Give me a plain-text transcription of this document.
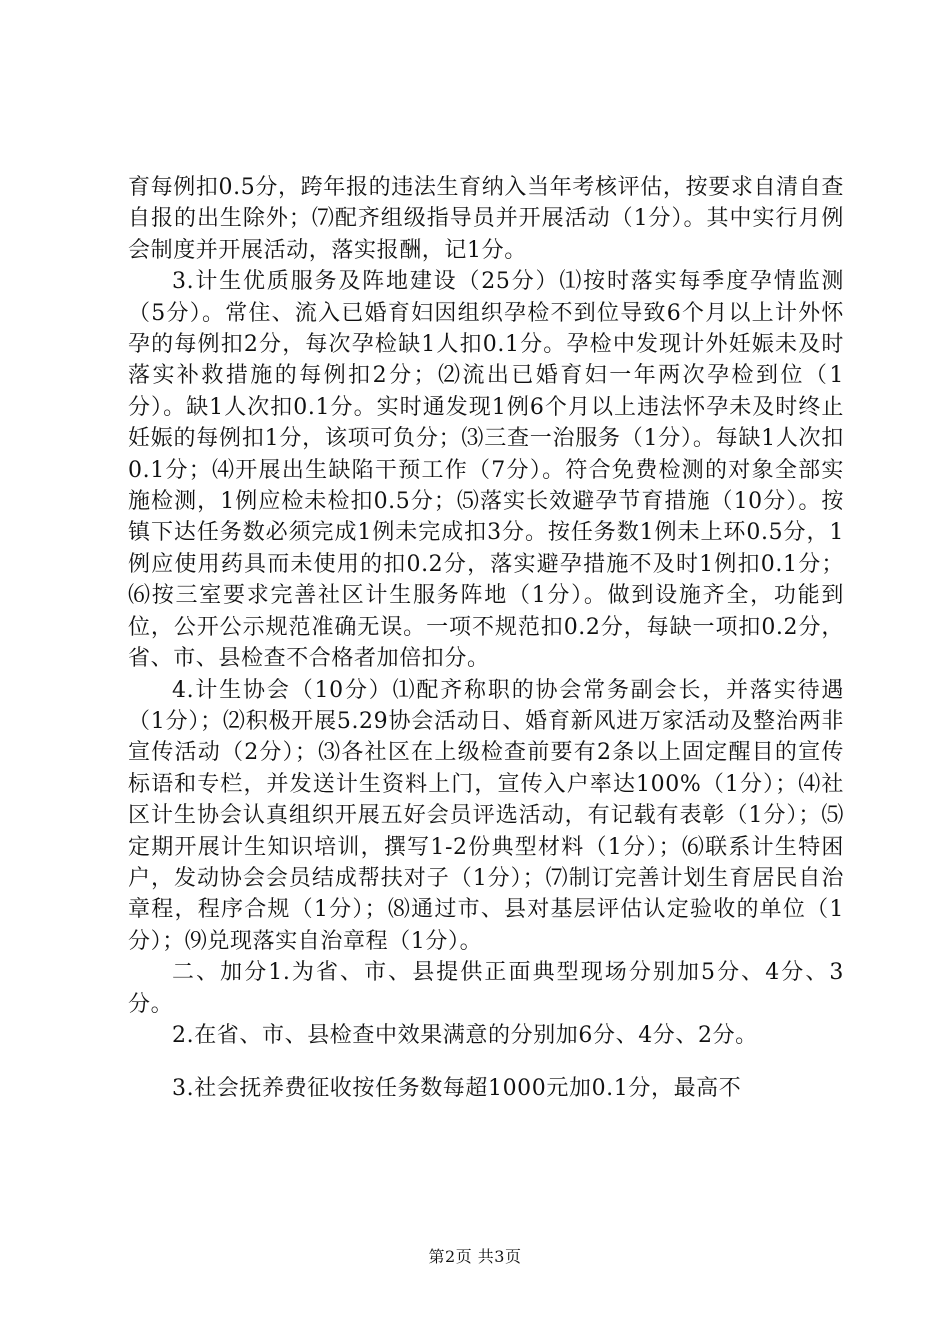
育每例扣0.5分，跨年报的违法生育纳入当年考核评估，按要求自清自查自报的出生除外；⑺配齐组级指导员并开展活动（1分）。其中实行月例会制度并开展活动，落实报酬，记1分。

3.计生优质服务及阵地建设（25分）⑴按时落实每季度孕情监测（5分）。常住、流入已婚育妇因组织孕检不到位导致6个月以上计外怀孕的每例扣2分，每次孕检缺1人扣0.1分。孕检中发现计外妊娠未及时落实补救措施的每例扣2分；⑵流出已婚育妇一年两次孕检到位（1分）。缺1人次扣0.1分。实时通发现1例6个月以上违法怀孕未及时终止妊娠的每例扣1分，该项可负分；⑶三查一治服务（1分）。每缺1人次扣0.1分；⑷开展出生缺陷干预工作（7分）。符合免费检测的对象全部实施检测，1例应检未检扣0.5分；⑸落实长效避孕节育措施（10分）。按镇下达任务数必须完成1例未完成扣3分。按任务数1例未上环0.5分，1例应使用药具而未使用的扣0.2分，落实避孕措施不及时1例扣0.1分；⑹按三室要求完善社区计生服务阵地（1分）。做到设施齐全，功能到位，公开公示规范准确无误。一项不规范扣0.2分，每缺一项扣0.2分，省、市、县检查不合格者加倍扣分。

4.计生协会（10分）⑴配齐称职的协会常务副会长，并落实待遇（1分）；⑵积极开展5.29协会活动日、婚育新风进万家活动及整治两非宣传活动（2分）；⑶各社区在上级检查前要有2条以上固定醒目的宣传标语和专栏，并发送计生资料上门，宣传入户率达100%（1分）；⑷社区计生协会认真组织开展五好会员评选活动，有记载有表彰（1分）；⑸定期开展计生知识培训，撰写1-2份典型材料（1分）；⑹联系计生特困户，发动协会会员结成帮扶对子（1分）；⑺制订完善计划生育居民自治章程，程序合规（1分）；⑻通过市、县对基层评估认定验收的单位（1分）；⑼兑现落实自治章程（1分）。

二、加分1.为省、市、县提供正面典型现场分别加5分、4分、3分。

2.在省、市、县检查中效果满意的分别加6分、4分、2分。

3.社会抚养费征收按任务数每超1000元加0.1分，最高不

第2页 共3页
